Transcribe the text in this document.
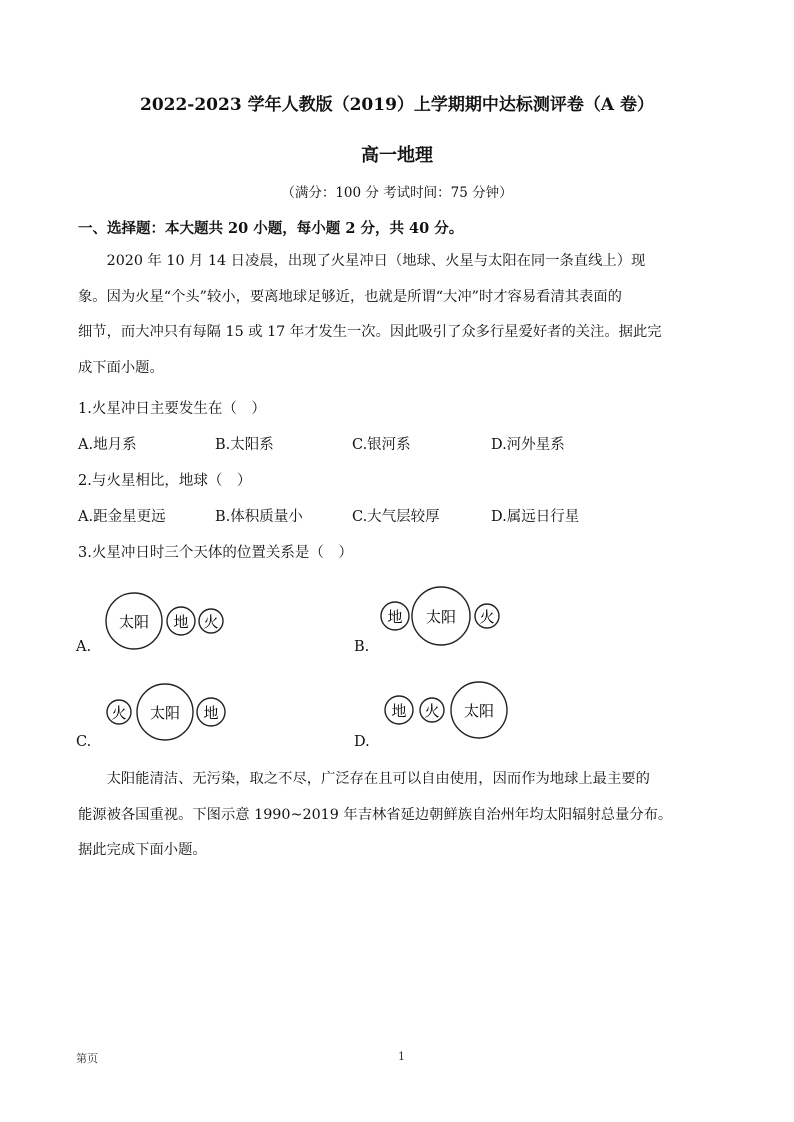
2022-2023 学年人教版（2019）上学期期中达标测评卷（A 卷）
高一地理
（满分：100 分 考试时间：75 分钟）
一、选择题：本大题共 20 小题，每小题 2 分，共 40 分。

　　2020 年 10 月 14 日凌晨，出现了火星冲日（地球、火星与太阳在同一条直线上）现

象。因为火星“个头”较小，要离地球足够近，也就是所谓“大冲”时才容易看清其表面的

细节，而大冲只有每隔 15 或 17 年才发生一次。因此吸引了众多行星爱好者的关注。据此完

成下面小题。

1.火星冲日主要发生在（　）
A.地月系	B.太阳系	C.银河系	D.河外星系
2.与火星相比，地球（　）
A.距金星更远	B.体积质量小	C.大气层较厚	D.属远日行星
3.火星冲日时三个天体的位置关系是（　）
A.
太阳 地 火
B.
地 太阳 火
C.
火 太阳 地
D.
地 火 太阳

　　太阳能清洁、无污染，取之不尽，广泛存在且可以自由使用，因而作为地球上最主要的

能源被各国重视。下图示意 1990~2019 年吉林省延边朝鲜族自治州年均太阳辐射总量分布。

据此完成下面小题。

第页	1
